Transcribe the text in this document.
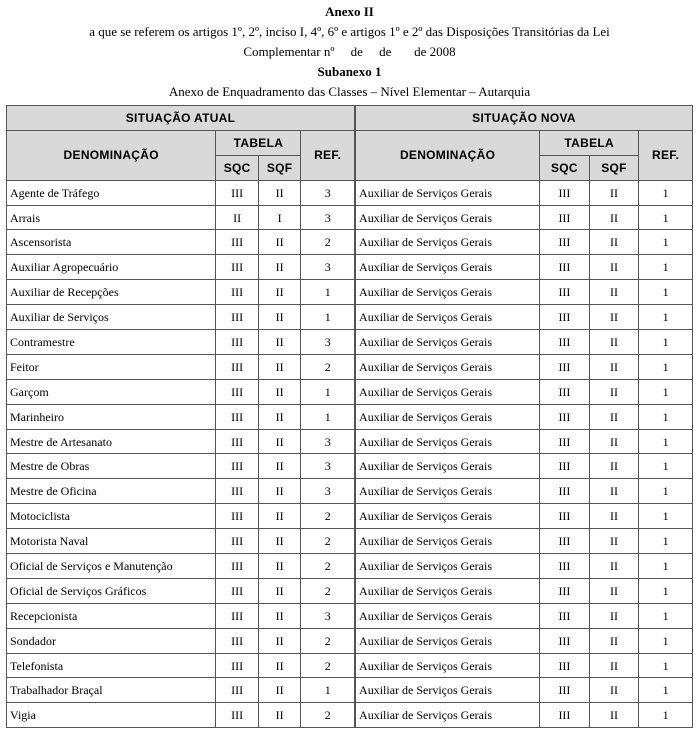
Anexo II

a que se referem os artigos 1º, 2º, inciso I, 4º, 6º e artigos 1º e 2º das Disposições Transitórias da Lei

Complementar nº     de     de       de 2008

Subanexo 1

Anexo de Enquadramento das Classes – Nível Elementar – Autarquia

SITUAÇÃO ATUAL				SITUAÇÃO NOVA			
DENOMINAÇÃO	TABELA		REF.		DENOMINAÇÃO	TABELA		REF.
	SQC	SQF			SQC	SQF	
Agente de Tráfego	III	II	3		Auxiliar de Serviços Gerais	III	II	1
Arrais	II	I	3		Auxiliar de Serviços Gerais	III	II	1
Ascensorista	III	II	2		Auxiliar de Serviços Gerais	III	II	1
Auxiliar Agropecuário	III	II	3		Auxiliar de Serviços Gerais	III	II	1
Auxiliar de Recepções	III	II	1		Auxiliar de Serviços Gerais	III	II	1
Auxiliar de Serviços	III	II	1		Auxiliar de Serviços Gerais	III	II	1
Contramestre	III	II	3		Auxiliar de Serviços Gerais	III	II	1
Feitor	III	II	2		Auxiliar de Serviços Gerais	III	II	1
Garçom	III	II	1		Auxiliar de Serviços Gerais	III	II	1
Marinheiro	III	II	1		Auxiliar de Serviços Gerais	III	II	1
Mestre de Artesanato	III	II	3		Auxiliar de Serviços Gerais	III	II	1
Mestre de Obras	III	II	3		Auxiliar de Serviços Gerais	III	II	1
Mestre de Oficina	III	II	3		Auxiliar de Serviços Gerais	III	II	1
Motociclista	III	II	2		Auxiliar de Serviços Gerais	III	II	1
Motorista Naval	III	II	2		Auxiliar de Serviços Gerais	III	II	1
Oficial de Serviços e Manutenção	III	II	2		Auxiliar de Serviços Gerais	III	II	1
Oficial de Serviços Gráficos	III	II	2		Auxiliar de Serviços Gerais	III	II	1
Recepcionista	III	II	3		Auxiliar de Serviços Gerais	III	II	1
Sondador	III	II	2		Auxiliar de Serviços Gerais	III	II	1
Telefonista	III	II	2		Auxiliar de Serviços Gerais	III	II	1
Trabalhador Braçal	III	II	1		Auxiliar de Serviços Gerais	III	II	1
Vigia	III	II	2		Auxiliar de Serviços Gerais	III	II	1
